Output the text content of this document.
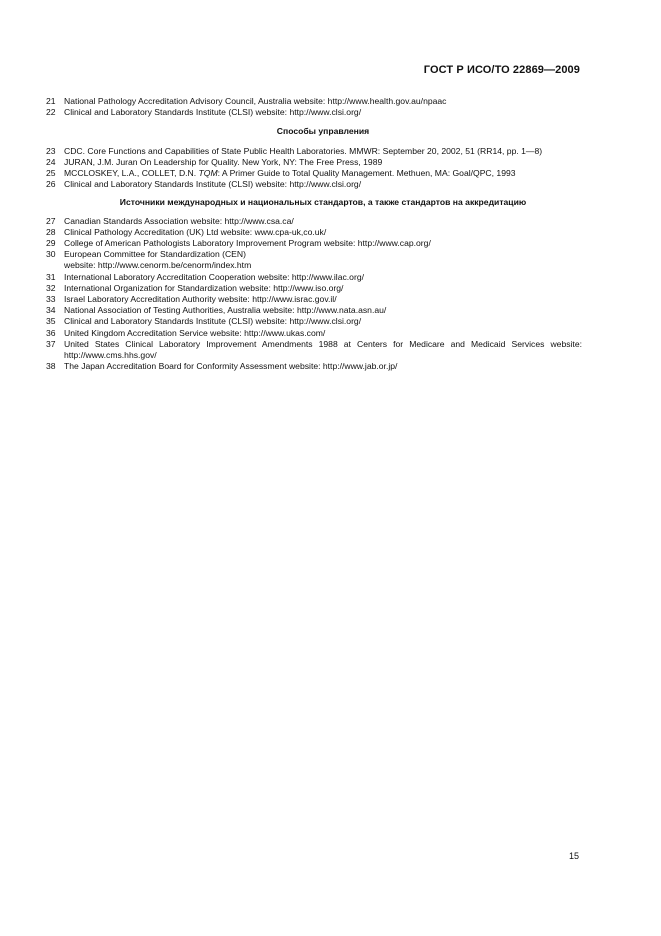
ГОСТ Р ИСО/ТО 22869—2009
21 National Pathology Accreditation Advisory Council, Australia website: http://www.health.gov.au/npaac
22 Clinical and Laboratory Standards Institute (CLSI) website: http://www.clsi.org/
Способы управления
23 CDC. Core Functions and Capabilities of State Public Health Laboratories. MMWR: September 20, 2002, 51 (RR14, pp. 1—8)
24 JURAN, J.M. Juran On Leadership for Quality. New York, NY: The Free Press, 1989
25 MCCLOSKEY, L.A., COLLET, D.N. TQM: A Primer Guide to Total Quality Management. Methuen, MA: Goal/QPC, 1993
26 Clinical and Laboratory Standards Institute (CLSI) website: http://www.clsi.org/
Источники международных и национальных стандартов, а также стандартов на аккредитацию
27 Canadian Standards Association website: http://www.csa.ca/
28 Clinical Pathology Accreditation (UK) Ltd website: www.cpa-uk,co.uk/
29 College of American Pathologists Laboratory Improvement Program website: http://www.cap.org/
30 European Committee for Standardization (CEN)
website: http://www.cenorm.be/cenorm/index.htm
31 International Laboratory Accreditation Cooperation website: http://www.ilac.org/
32 International Organization for Standardization website: http://www.iso.org/
33 Israel Laboratory Accreditation Authority website: http://www.israc.gov.il/
34 National Association of Testing Authorities, Australia website: http://www.nata.asn.au/
35 Clinical and Laboratory Standards Institute (CLSI) website: http://www.clsi.org/
36 United Kingdom Accreditation Service website: http://www.ukas.com/
37 United States Clinical Laboratory Improvement Amendments 1988 at Centers for Medicare and Medicaid Services website: http://www.cms.hhs.gov/
38 The Japan Accreditation Board for Conformity Assessment website: http://www.jab.or.jp/
15
